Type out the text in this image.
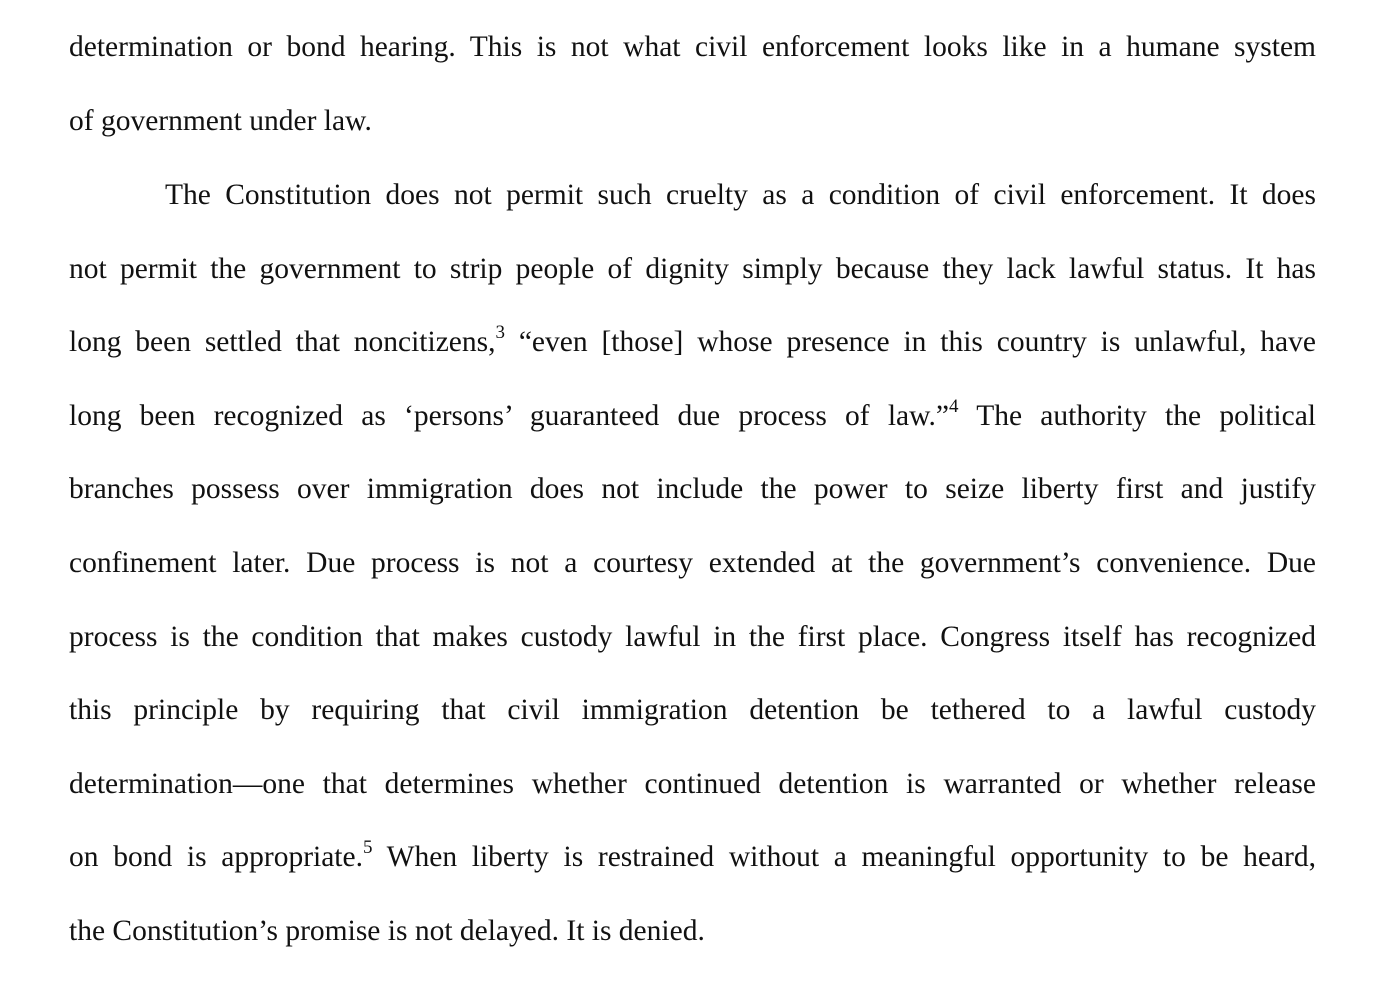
determination or bond hearing. This is not what civil enforcement looks like in a humane system
of government under law.
The Constitution does not permit such cruelty as a condition of civil enforcement. It does
not permit the government to strip people of dignity simply because they lack lawful status. It has
long been settled that noncitizens,$^3$ “even [those] whose presence in this country is unlawful, have
long been recognized as ‘persons’ guaranteed due process of law.”$^4$ The authority the political
branches possess over immigration does not include the power to seize liberty first and justify
confinement later. Due process is not a courtesy extended at the government’s convenience. Due
process is the condition that makes custody lawful in the first place. Congress itself has recognized
this principle by requiring that civil immigration detention be tethered to a lawful custody
determination—one that determines whether continued detention is warranted or whether release
on bond is appropriate.$^5$ When liberty is restrained without a meaningful opportunity to be heard,
the Constitution’s promise is not delayed. It is denied.
